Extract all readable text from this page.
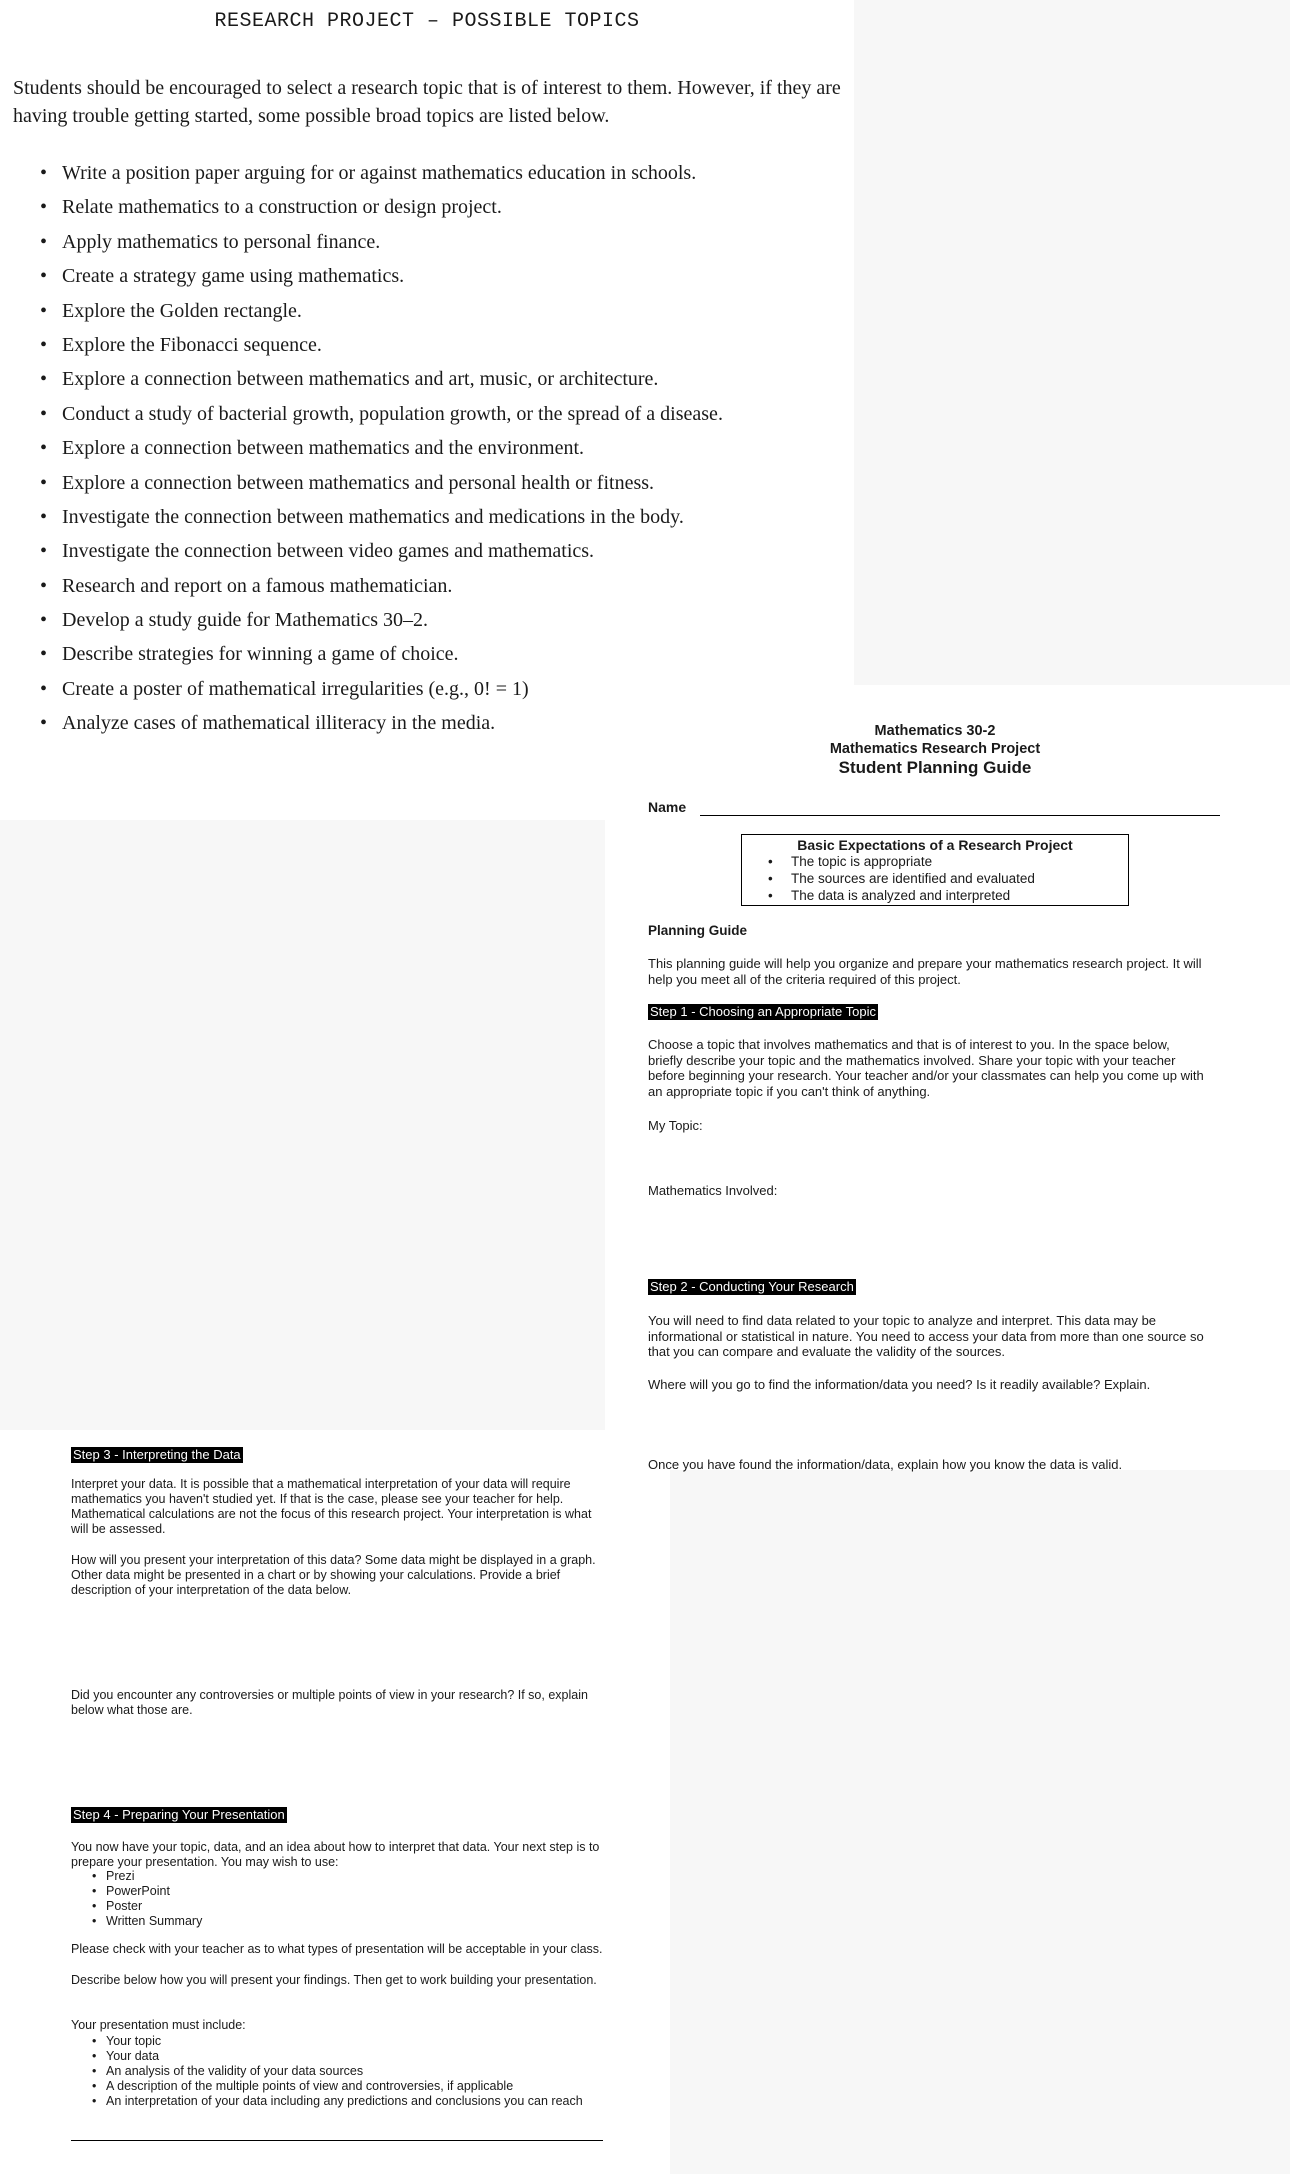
RESEARCH PROJECT – POSSIBLE TOPICS
Students should be encouraged to select a research topic that is of interest to them. However, if they are having trouble getting started, some possible broad topics are listed below.
• Write a position paper arguing for or against mathematics education in schools.
• Relate mathematics to a construction or design project.
• Apply mathematics to personal finance.
• Create a strategy game using mathematics.
• Explore the Golden rectangle.
• Explore the Fibonacci sequence.
• Explore a connection between mathematics and art, music, or architecture.
• Conduct a study of bacterial growth, population growth, or the spread of a disease.
• Explore a connection between mathematics and the environment.
• Explore a connection between mathematics and personal health or fitness.
• Investigate the connection between mathematics and medications in the body.
• Investigate the connection between video games and mathematics.
• Research and report on a famous mathematician.
• Develop a study guide for Mathematics 30–2.
• Describe strategies for winning a game of choice.
• Create a poster of mathematical irregularities (e.g., 0! = 1)
• Analyze cases of mathematical illiteracy in the media.	Mathematics 30-2
Mathematics Research Project
Student Planning Guide
Name
Basic Expectations of a Research Project
• The topic is appropriate
• The sources are identified and evaluated
• The data is analyzed and interpreted
Planning Guide
This planning guide will help you organize and prepare your mathematics research project. It will help you meet all of the criteria required of this project.
Step 1 - Choosing an Appropriate Topic
Choose a topic that involves mathematics and that is of interest to you. In the space below, briefly describe your topic and the mathematics involved. Share your topic with your teacher before beginning your research. Your teacher and/or your classmates can help you come up with an appropriate topic if you can't think of anything.
My Topic:
Mathematics Involved:
Step 2 - Conducting Your Research
You will need to find data related to your topic to analyze and interpret. This data may be informational or statistical in nature. You need to access your data from more than one source so that you can compare and evaluate the validity of the sources.
Where will you go to find the information/data you need? Is it readily available? Explain.
Once you have found the information/data, explain how you know the data is valid.
Step 3 - Interpreting the Data
Interpret your data. It is possible that a mathematical interpretation of your data will require mathematics you haven't studied yet. If that is the case, please see your teacher for help. Mathematical calculations are not the focus of this research project. Your interpretation is what will be assessed.
How will you present your interpretation of this data? Some data might be displayed in a graph. Other data might be presented in a chart or by showing your calculations. Provide a brief description of your interpretation of the data below.
Did you encounter any controversies or multiple points of view in your research? If so, explain below what those are.
Step 4 - Preparing Your Presentation
You now have your topic, data, and an idea about how to interpret that data. Your next step is to prepare your presentation. You may wish to use:
• Prezi
• PowerPoint
• Poster
• Written Summary
Please check with your teacher as to what types of presentation will be acceptable in your class.
Describe below how you will present your findings. Then get to work building your presentation.
Your presentation must include:
• Your topic
• Your data
• An analysis of the validity of your data sources
• A description of the multiple points of view and controversies, if applicable
• An interpretation of your data including any predictions and conclusions you can reach
